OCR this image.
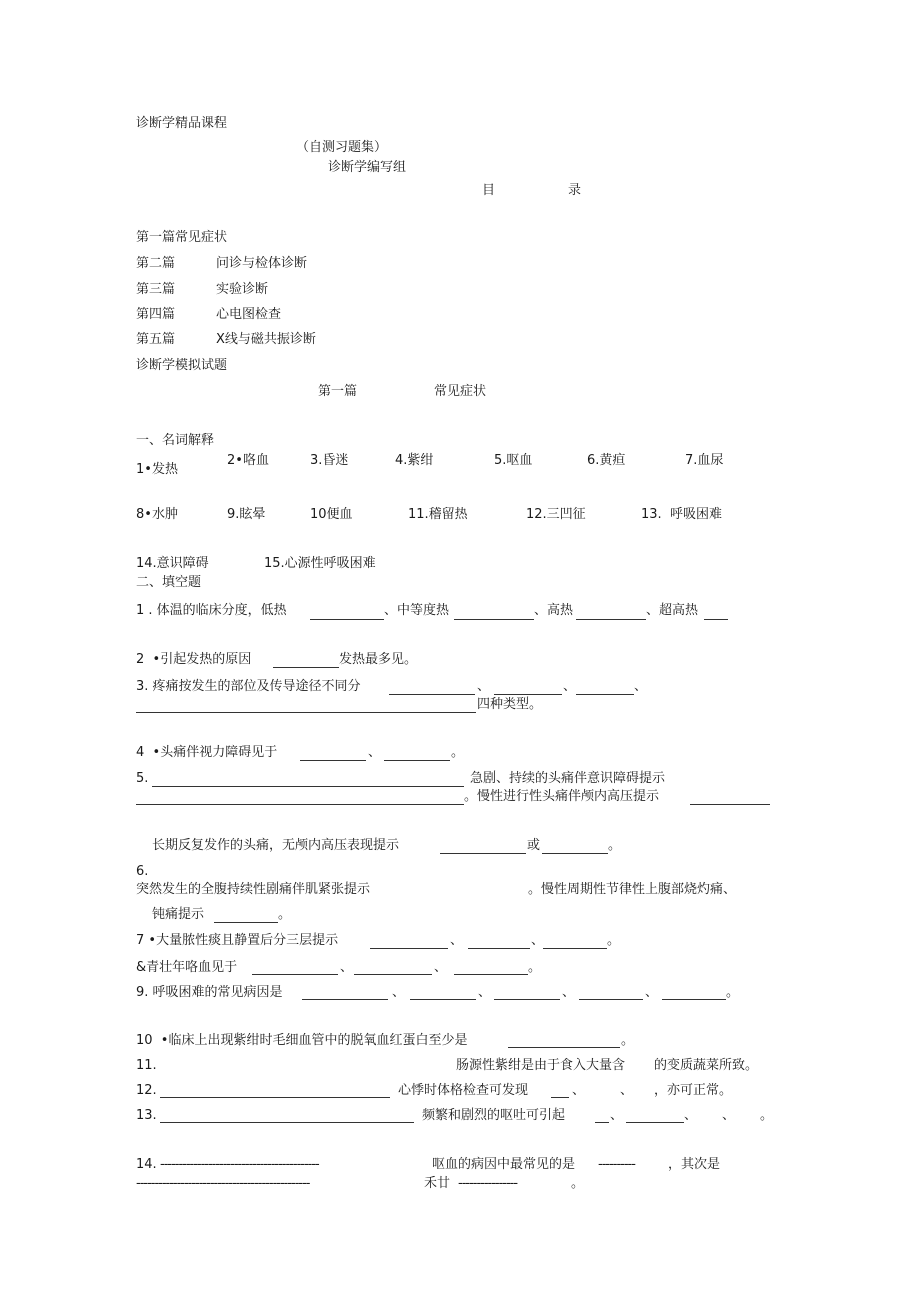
诊断学精品课程
（自测习题集）
诊断学编写组
目	录
第一篇常见症状
第二篇	问诊与检体诊断
第三篇	实验诊断
第四篇	心电图检查
第五篇	X线与磁共振诊断
诊断学模拟试题
第一篇	常见症状
一、名词解释
1•发热
2•咯血	3.昏迷	4.紫绀	5.呕血	6.黄疸	7.血尿
8•水肿	9.眩晕	10便血	11.稽留热	12.三凹征	13.  呼吸困难
14.意识障碍	15.心源性呼吸困难
二、填空题
1 . 体温的临床分度，低热	、中等度热	、高热	、超高热
2  •引起发热的原因	发热最多见。
3. 疼痛按发生的部位及传导途径不同分	、	、	、
四种类型。
4  •头痛伴视力障碍见于	、	。
5.	急剧、持续的头痛伴意识障碍提示
。慢性进行性头痛伴颅内高压提示
长期反复发作的头痛，无颅内高压表现提示	或	。
6.
突然发生的全腹持续性剧痛伴肌紧张提示	。慢性周期性节律性上腹部烧灼痛、
钝痛提示	。
7 •大量脓性痰且静置后分三层提示	、	、	。
&青壮年咯血见于	、	、	。
9. 呼吸困难的常见病因是	、	、	、	、	。
10  •临床上出现紫绀时毛细血管中的脱氧血红蛋白至少是	。
11.	肠源性紫绀是由于食入大量含 的变质蔬菜所致。
12.	心悸时体格检查可发现	、	、 ，亦可正常。
13.	频繁和剧烈的呕吐可引起	、	、 、 。
14. -------------------------------------------	呕血的病因中最常见的是 ----------	，其次是
-----------------------------------------------	禾廿 ----------------	。
